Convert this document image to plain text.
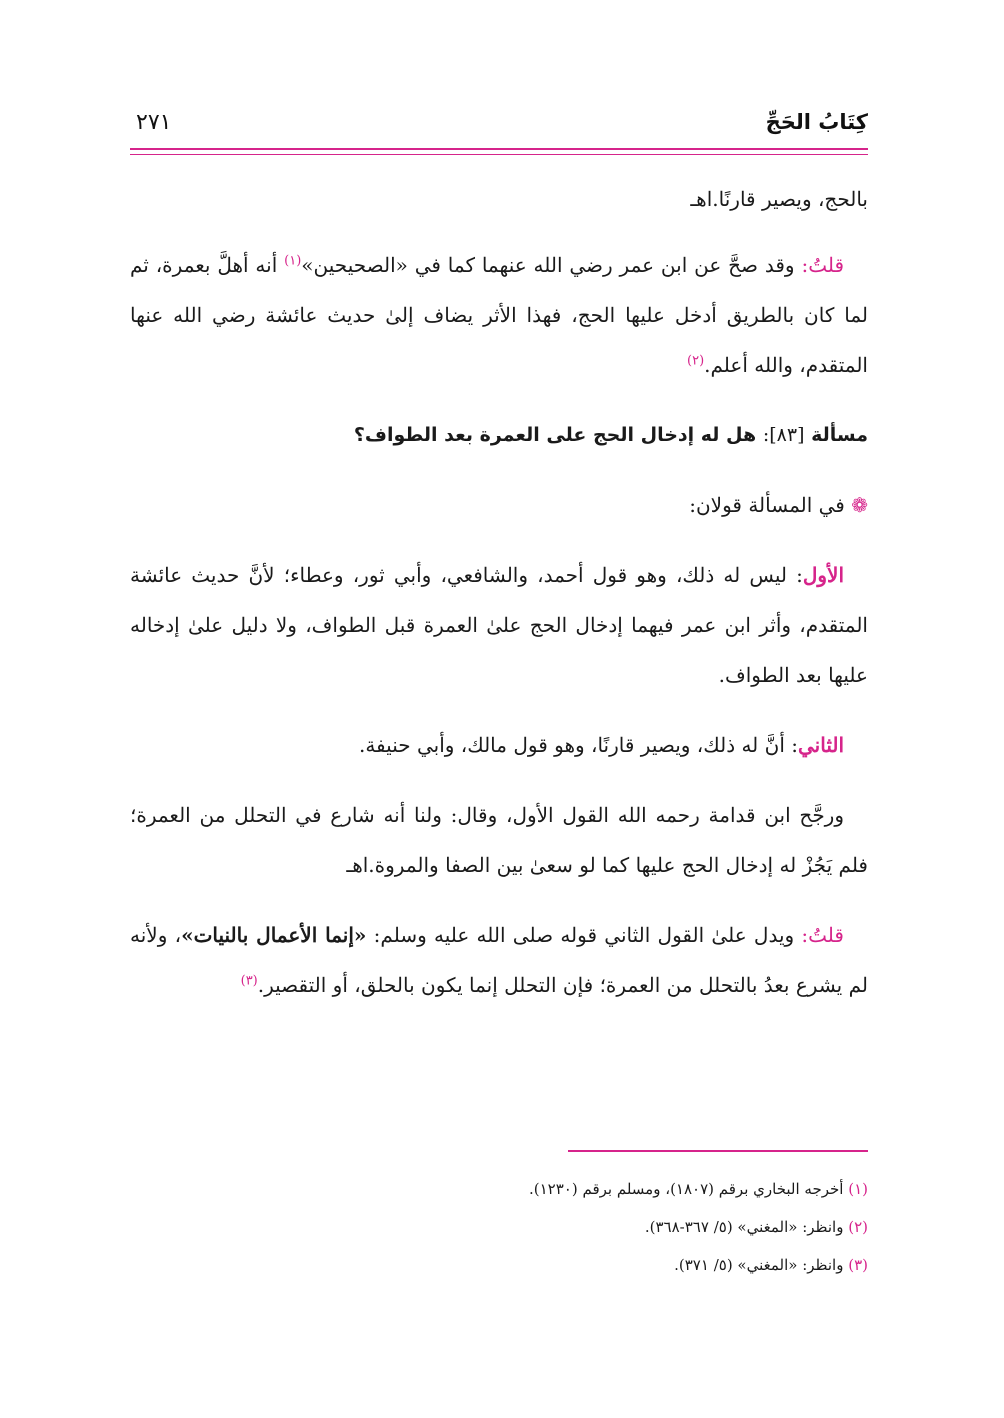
كِتَابُ الحَجِّ
٢٧١

بالحج، ويصير قارنًا.اهـ

قلتُ: وقد صحَّ عن ابن عمر رضي الله عنهما كما في «الصحيحين»$^{(١)}$ أنه أهلَّ بعمرة، ثم لما كان بالطريق أدخل عليها الحج، فهذا الأثر يضاف إلىٰ حديث عائشة رضي الله عنها المتقدم، والله أعلم.$^{(٢)}$

مسألة [٨٣]: هل له إدخال الحج على العمرة بعد الطواف؟

❁ في المسألة قولان:

الأول: ليس له ذلك، وهو قول أحمد، والشافعي، وأبي ثور، وعطاء؛ لأنَّ حديث عائشة المتقدم، وأثر ابن عمر فيهما إدخال الحج علىٰ العمرة قبل الطواف، ولا دليل علىٰ إدخاله عليها بعد الطواف.

الثاني: أنَّ له ذلك، ويصير قارنًا، وهو قول مالك، وأبي حنيفة.

ورجَّح ابن قدامة رحمه الله القول الأول، وقال: ولنا أنه شارع في التحلل من العمرة؛ فلم يَجُزْ له إدخال الحج عليها كما لو سعىٰ بين الصفا والمروة.اهـ

قلتُ: ويدل علىٰ القول الثاني قوله صلى الله عليه وسلم: «إنما الأعمال بالنيات»، ولأنه لم يشرع بعدُ بالتحلل من العمرة؛ فإن التحلل إنما يكون بالحلق، أو التقصير.$^{(٣)}$

(١) أخرجه البخاري برقم (١٨٠٧)، ومسلم برقم (١٢٣٠).
(٢) وانظر: «المغني» (٥/ ٣٦٧-٣٦٨).
(٣) وانظر: «المغني» (٥/ ٣٧١).
